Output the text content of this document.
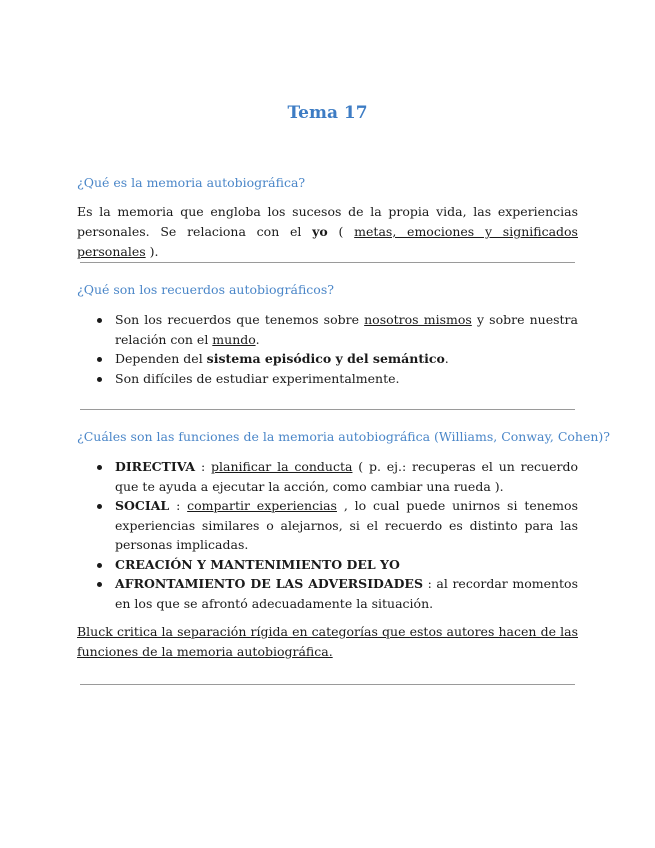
Tema 17
¿Qué es la memoria autobiográfica?
Es la memoria que engloba los sucesos de la propia vida, las experiencias personales. Se relaciona con el yo ( metas, emociones y significados personales ).
¿Qué son los recuerdos autobiográficos?
Son los recuerdos que tenemos sobre nosotros mismos y sobre nuestra relación con el mundo.
Dependen del sistema episódico y del semántico.
Son difíciles de estudiar experimentalmente.
¿Cuáles son las funciones de la memoria autobiográfica (Williams, Conway, Cohen)?
DIRECTIVA : planificar la conducta ( p. ej.: recuperas el un recuerdo que te ayuda a ejecutar la acción, como cambiar una rueda ).
SOCIAL : compartir experiencias , lo cual puede unirnos si tenemos experiencias similares o alejarnos, si el recuerdo es distinto para las personas implicadas.
CREACIÓN Y MANTENIMIENTO DEL YO
AFRONTAMIENTO DE LAS ADVERSIDADES : al recordar momentos en los que se afrontó adecuadamente la situación.
Bluck critica la separación rígida en categorías que estos autores hacen de las funciones de la memoria autobiográfica.
